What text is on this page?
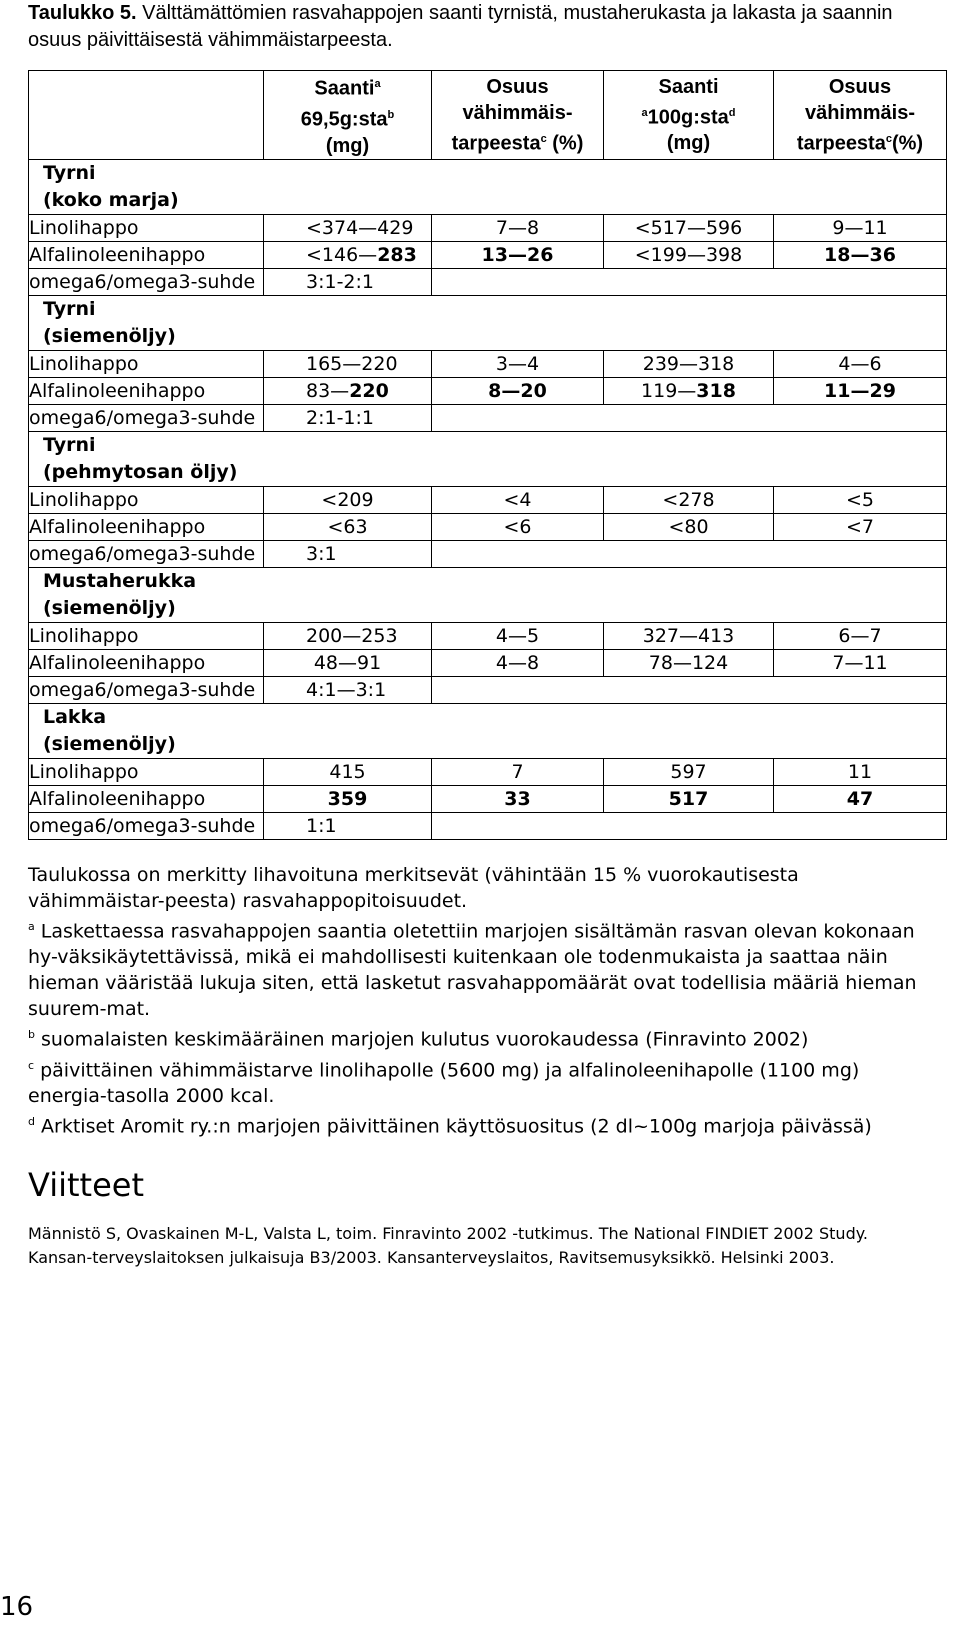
Taulukko 5. Välttämättömien rasvahappojen saanti tyrnistä, mustaherukasta ja lakasta ja saannin osuus päivittäisestä vähimmäistarpeesta.
	Saanti$^a$
69,5g:sta$^b$
(mg)	Osuus
vähimmäis-
tarpeesta$^c$ (%)	Saanti
$^a$100g:sta$^d$
(mg)	Osuus
vähimmäis-
tarpeesta$^c$(%)
Tyrni
(koko marja)				
Linolihappo	<374—429	7—8	<517—596	9—11
Alfalinoleenihappo	<146—283	13—26	<199—398	18—36
omega6/omega3-suhde	3:1-2:1			
Tyrni
(siemenöljy)				
Linolihappo	165—220	3—4	239—318	4—6
Alfalinoleenihappo	83—220	8—20	119—318	11—29
omega6/omega3-suhde	2:1-1:1			
Tyrni
(pehmytosan öljy)				
Linolihappo	<209	<4	<278	<5
Alfalinoleenihappo	<63	<6	<80	<7
omega6/omega3-suhde	3:1			
Mustaherukka
(siemenöljy)				
Linolihappo	200—253	4—5	327—413	6—7
Alfalinoleenihappo	48—91	4—8	78—124	7—11
omega6/omega3-suhde	4:1—3:1			
Lakka
(siemenöljy)				
Linolihappo	415	7	597	11
Alfalinoleenihappo	359	33	517	47
omega6/omega3-suhde	1:1			

Taulukossa on merkitty lihavoituna merkitsevät (vähintään 15 % vuorokautisesta vähimmäistar-peesta) rasvahappopitoisuudet.

$^a$ Laskettaessa rasvahappojen saantia oletettiin marjojen sisältämän rasvan olevan kokonaan hy-väksikäytettävissä, mikä ei mahdollisesti kuitenkaan ole todenmukaista ja saattaa näin hieman vääristää lukuja siten, että lasketut rasvahappomäärät ovat todellisia määriä hieman suurem-mat.

$^b$ suomalaisten keskimääräinen marjojen kulutus vuorokaudessa (Finravinto 2002)

$^c$ päivittäinen vähimmäistarve linolihapolle (5600 mg) ja alfalinoleenihapolle (1100 mg) energia-tasolla 2000 kcal.

$^d$ Arktiset Aromit ry.:n marjojen päivittäinen käyttösuositus (2 dl~100g marjoja päivässä)

Viitteet
Männistö S, Ovaskainen M-L, Valsta L, toim. Finravinto 2002 -tutkimus. The National FINDIET 2002 Study. Kansan-terveyslaitoksen julkaisuja B3/2003. Kansanterveyslaitos, Ravitsemusyksikkö. Helsinki 2003.
16
